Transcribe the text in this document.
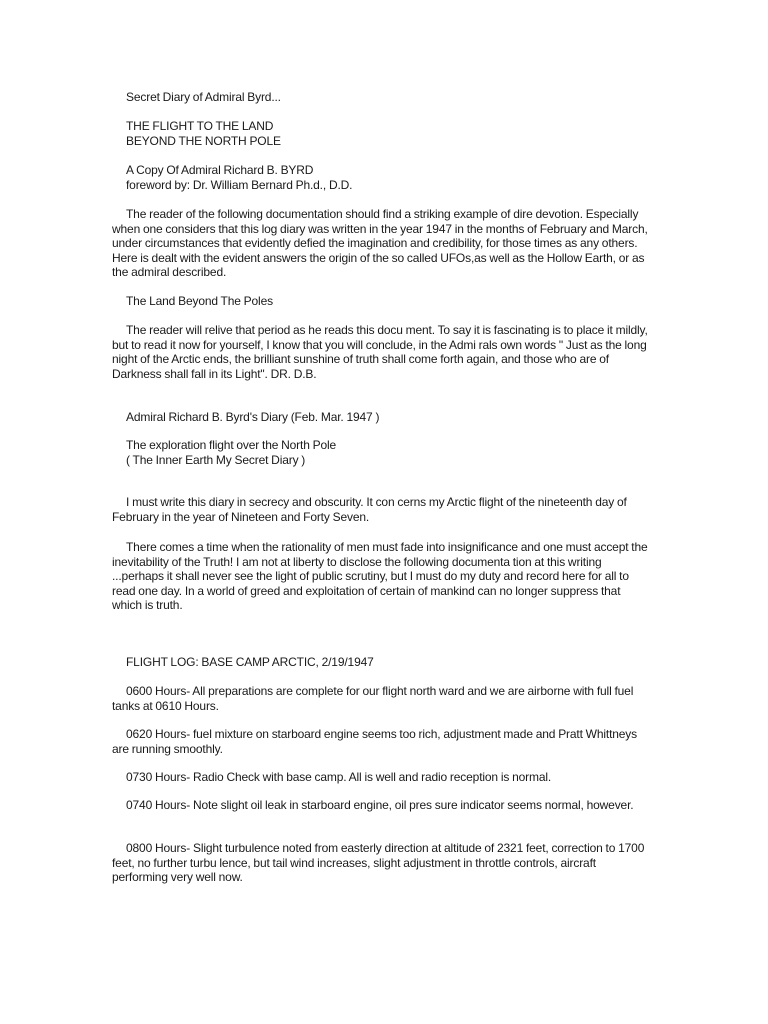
Secret Diary of Admiral Byrd...

THE FLIGHT TO THE LAND
BEYOND THE NORTH POLE

A Copy Of Admiral Richard B. BYRD
foreword by: Dr. William Bernard Ph.d., D.D.

The reader of the following documentation should find a striking example of dire devotion. Especially when one considers that this log diary was written in the year 1947 in the months of February and March, under circumstances that evidently defied the imagination and credibility, for those times as any others. Here is dealt with the evident answers the origin of the so called UFOs,as well as the Hollow Earth, or as the admiral described.

The Land Beyond The Poles

The reader will relive that period as he reads this docu ment. To say it is fascinating is to place it mildly, but to read it now for yourself, I know that you will conclude, in the Admi rals own words " Just as the long night of the Arctic ends, the brilliant sunshine of truth shall come forth again, and those who are of Darkness shall fall in its Light". DR. D.B.

Admiral Richard B. Byrd's Diary (Feb. Mar. 1947 )

The exploration flight over the North Pole
( The Inner Earth My Secret Diary )

I must write this diary in secrecy and obscurity. It con cerns my Arctic flight of the nineteenth day of February in the year of Nineteen and Forty Seven.

There comes a time when the rationality of men must fade into insignificance and one must accept the inevitability of the Truth! I am not at liberty to disclose the following documenta tion at this writing ...perhaps it shall never see the light of public scrutiny, but I must do my duty and record here for all to read one day. In a world of greed and exploitation of certain of mankind can no longer suppress that which is truth.

FLIGHT LOG: BASE CAMP ARCTIC, 2/19/1947

0600 Hours- All preparations are complete for our flight north ward and we are airborne with full fuel tanks at 0610 Hours.

0620 Hours- fuel mixture on starboard engine seems too rich, adjustment made and Pratt Whittneys are running smoothly.

0730 Hours- Radio Check with base camp. All is well and radio reception is normal.

0740 Hours- Note slight oil leak in starboard engine, oil pres sure indicator seems normal, however.

0800 Hours- Slight turbulence noted from easterly direction at altitude of 2321 feet, correction to 1700 feet, no further turbu lence, but tail wind increases, slight adjustment in throttle controls, aircraft performing very well now.
